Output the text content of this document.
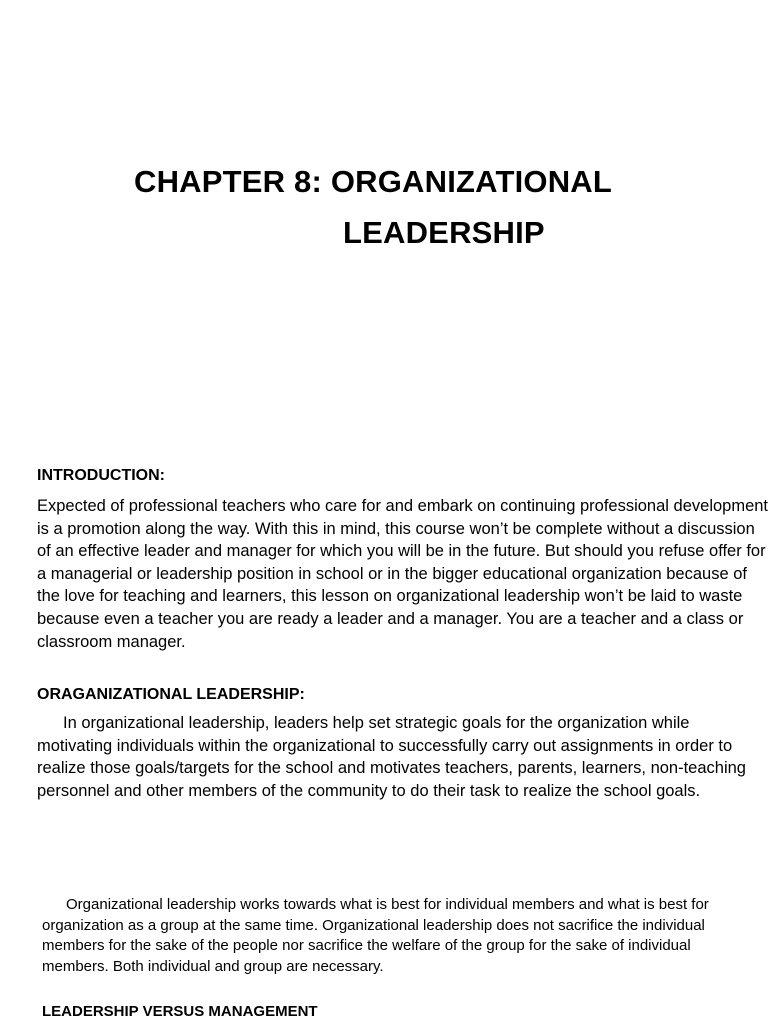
CHAPTER 8: ORGANIZATIONAL
LEADERSHIP
INTRODUCTION:

Expected of professional teachers who care for and embark on continuing professional development is a promotion along the way. With this in mind, this course won’t be complete without a discussion of an effective leader and manager for which you will be in the future. But should you refuse offer for a managerial or leadership position in school or in the bigger educational organization because of the love for teaching and learners, this lesson on organizational leadership won’t be laid to waste because even a teacher you are ready a leader and a manager. You are a teacher and a class or classroom manager.

ORAGANIZATIONAL LEADERSHIP:

In organizational leadership, leaders help set strategic goals for the organization while motivating individuals within the organizational to successfully carry out assignments in order to realize those goals/targets for the school and motivates teachers, parents, learners, non-teaching personnel and other members of the community to do their task to realize the school goals.

Organizational leadership works towards what is best for individual members and what is best for organization as a group at the same time. Organizational leadership does not sacrifice the individual members for the sake of the people nor sacrifice the welfare of the group for the sake of individual members. Both individual and group are necessary.

LEADERSHIP VERSUS MANAGEMENT
